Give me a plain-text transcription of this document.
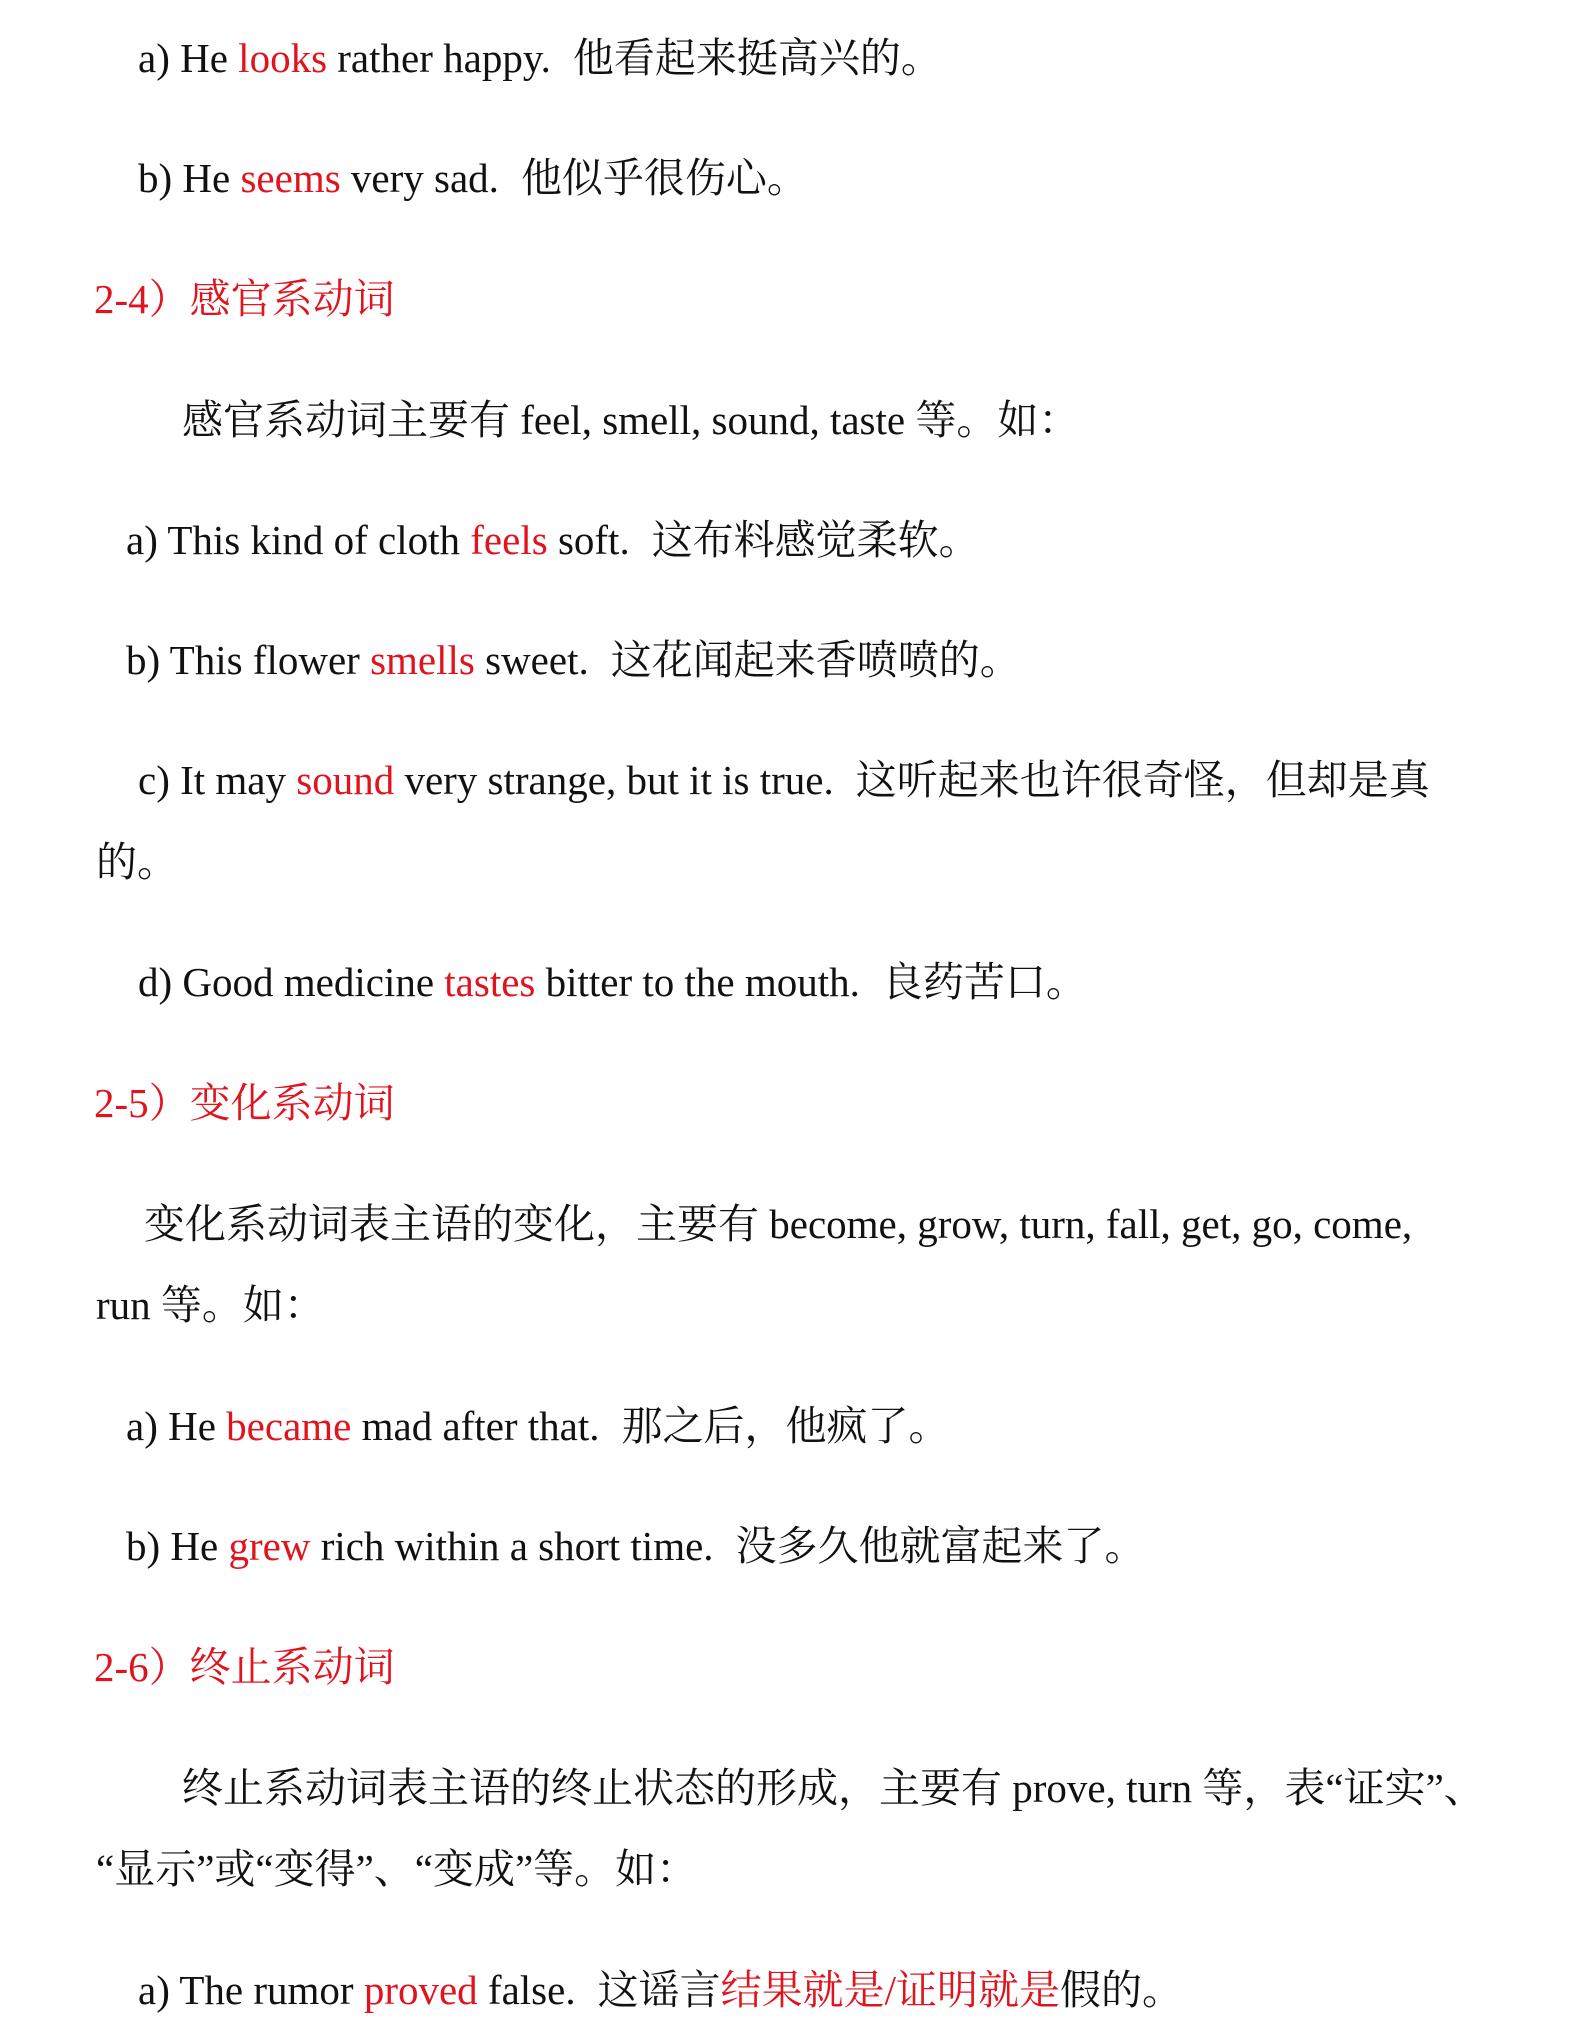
a) He looks rather happy. 他看起来挺高兴的。
b) He seems very sad. 他似乎很伤心。
2-4）感官系动词
感官系动词主要有 feel, smell, sound, taste 等。如：
a) This kind of cloth feels soft. 这布料感觉柔软。
b) This flower smells sweet. 这花闻起来香喷喷的。
c) It may sound very strange, but it is true. 这听起来也许很奇怪，但却是真
的。
d) Good medicine tastes bitter to the mouth. 良药苦口。
2-5）变化系动词
变化系动词表主语的变化，主要有 become, grow, turn, fall, get, go, come,
run 等。如：
a) He became mad after that. 那之后，他疯了。
b) He grew rich within a short time. 没多久他就富起来了。
2-6）终止系动词
终止系动词表主语的终止状态的形成，主要有 prove, turn 等，表“证实”、
“显示”或“变得”、“变成”等。如：
a) The rumor proved false. 这谣言结果就是/证明就是假的。
